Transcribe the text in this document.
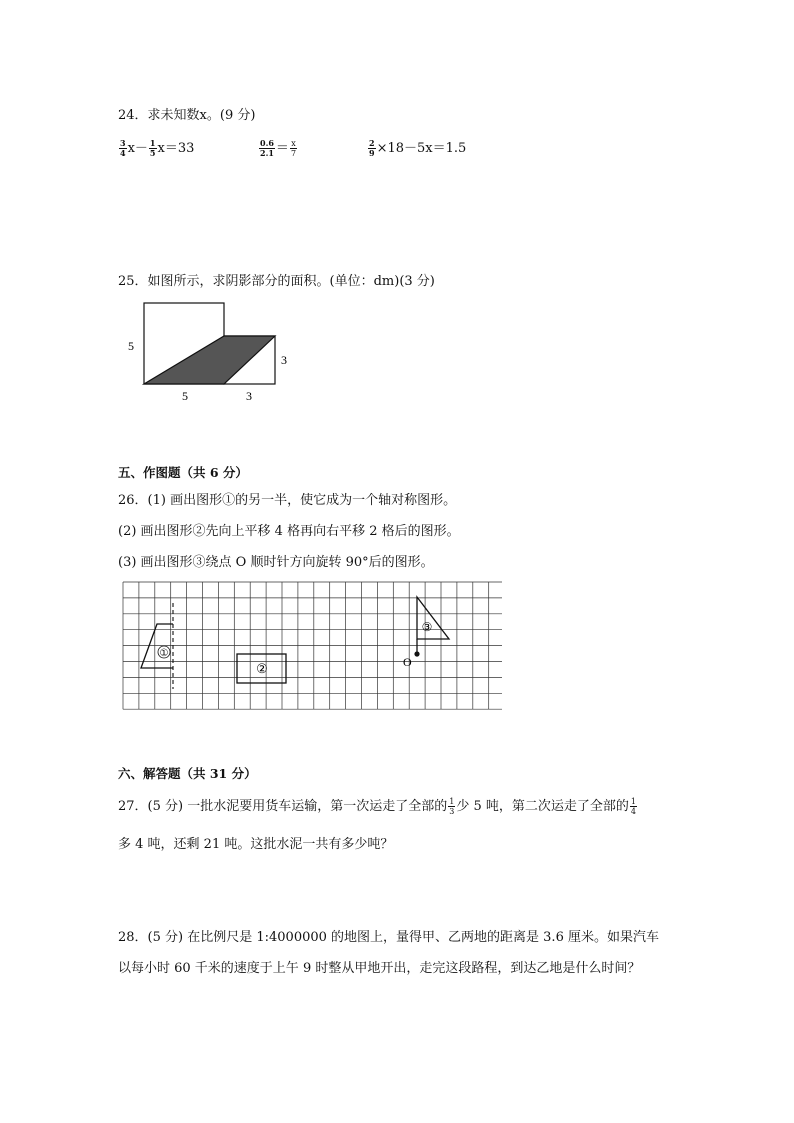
24．求未知数x。(9 分)
$\frac{3}{4} x- \frac{1}{5} x=33$	$\frac{0.6}{2.1} = \frac{x}{7}$	$\frac{2}{9} \times 18-5x=1.5$
25．如图所示，求阴影部分的面积。(单位：dm)(3 分)
5
3
5	3
五、作图题（共 6 分）
26．(1) 画出图形①的另一半，使它成为一个轴对称图形。
(2) 画出图形②先向上平移 4 格再向右平移 2 格后的图形。
(3) 画出图形③绕点 O 顺时针方向旋转 90°后的图形。
①
②
③
O
六、解答题（共 31 分）
27．(5 分) 一批水泥要用货车运输，第一次运走了全部的 $\frac{1}{3}$ 少 5 吨，第二次运走了全部的 $\frac{1}{4}$
多 4 吨，还剩 21 吨。这批水泥一共有多少吨？
28．(5 分) 在比例尺是 1:4000000 的地图上，量得甲、乙两地的距离是 3.6 厘米。如果汽车
以每小时 60 千米的速度于上午 9 时整从甲地开出，走完这段路程，到达乙地是什么时间？
